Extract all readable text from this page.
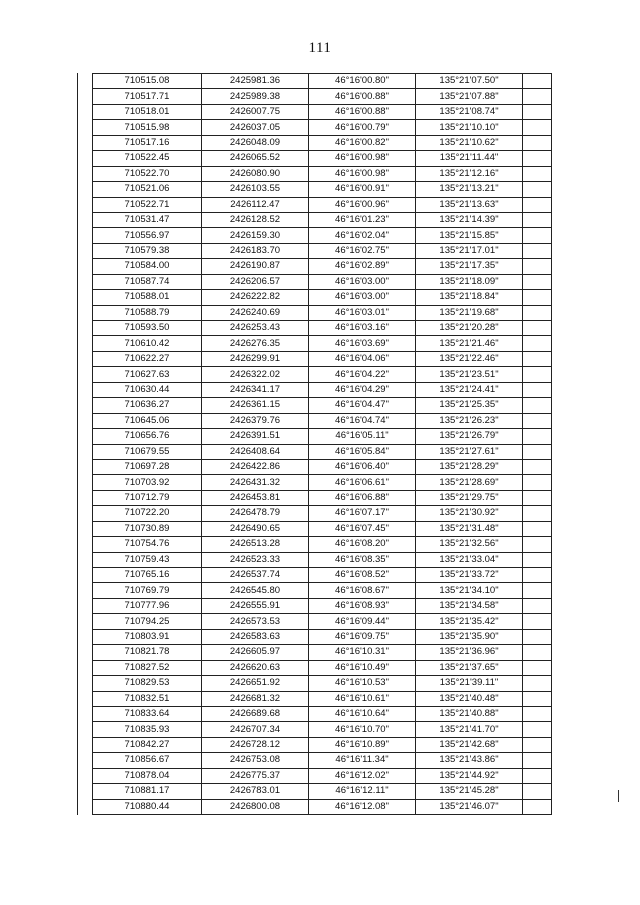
111
710515.08	2425981.36	46°16'00.80"	135°21'07.50"	
710517.71	2425989.38	46°16'00.88"	135°21'07.88"	
710518.01	2426007.75	46°16'00.88"	135°21'08.74"	
710515.98	2426037.05	46°16'00.79"	135°21'10.10"	
710517.16	2426048.09	46°16'00.82"	135°21'10.62"	
710522.45	2426065.52	46°16'00.98"	135°21'11.44"	
710522.70	2426080.90	46°16'00.98"	135°21'12.16"	
710521.06	2426103.55	46°16'00.91"	135°21'13.21"	
710522.71	2426112.47	46°16'00.96"	135°21'13.63"	
710531.47	2426128.52	46°16'01.23"	135°21'14.39"	
710556.97	2426159.30	46°16'02.04"	135°21'15.85"	
710579.38	2426183.70	46°16'02.75"	135°21'17.01"	
710584.00	2426190.87	46°16'02.89"	135°21'17.35"	
710587.74	2426206.57	46°16'03.00"	135°21'18.09"	
710588.01	2426222.82	46°16'03.00"	135°21'18.84"	
710588.79	2426240.69	46°16'03.01"	135°21'19.68"	
710593.50	2426253.43	46°16'03.16"	135°21'20.28"	
710610.42	2426276.35	46°16'03.69"	135°21'21.46"	
710622.27	2426299.91	46°16'04.06"	135°21'22.46"	
710627.63	2426322.02	46°16'04.22"	135°21'23.51"	
710630.44	2426341.17	46°16'04.29"	135°21'24.41"	
710636.27	2426361.15	46°16'04.47"	135°21'25.35"	
710645.06	2426379.76	46°16'04.74"	135°21'26.23"	
710656.76	2426391.51	46°16'05.11"	135°21'26.79"	
710679.55	2426408.64	46°16'05.84"	135°21'27.61"	
710697.28	2426422.86	46°16'06.40"	135°21'28.29"	
710703.92	2426431.32	46°16'06.61"	135°21'28.69"	
710712.79	2426453.81	46°16'06.88"	135°21'29.75"	
710722.20	2426478.79	46°16'07.17"	135°21'30.92"	
710730.89	2426490.65	46°16'07.45"	135°21'31.48"	
710754.76	2426513.28	46°16'08.20"	135°21'32.56"	
710759.43	2426523.33	46°16'08.35"	135°21'33.04"	
710765.16	2426537.74	46°16'08.52"	135°21'33.72"	
710769.79	2426545.80	46°16'08.67"	135°21'34.10"	
710777.96	2426555.91	46°16'08.93"	135°21'34.58"	
710794.25	2426573.53	46°16'09.44"	135°21'35.42"	
710803.91	2426583.63	46°16'09.75"	135°21'35.90"	
710821.78	2426605.97	46°16'10.31"	135°21'36.96"	
710827.52	2426620.63	46°16'10.49"	135°21'37.65"	
710829.53	2426651.92	46°16'10.53"	135°21'39.11"	
710832.51	2426681.32	46°16'10.61"	135°21'40.48"	
710833.64	2426689.68	46°16'10.64"	135°21'40.88"	
710835.93	2426707.34	46°16'10.70"	135°21'41.70"	
710842.27	2426728.12	46°16'10.89"	135°21'42.68"	
710856.67	2426753.08	46°16'11.34"	135°21'43.86"	
710878.04	2426775.37	46°16'12.02"	135°21'44.92"	
710881.17	2426783.01	46°16'12.11"	135°21'45.28"	
710880.44	2426800.08	46°16'12.08"	135°21'46.07"	
